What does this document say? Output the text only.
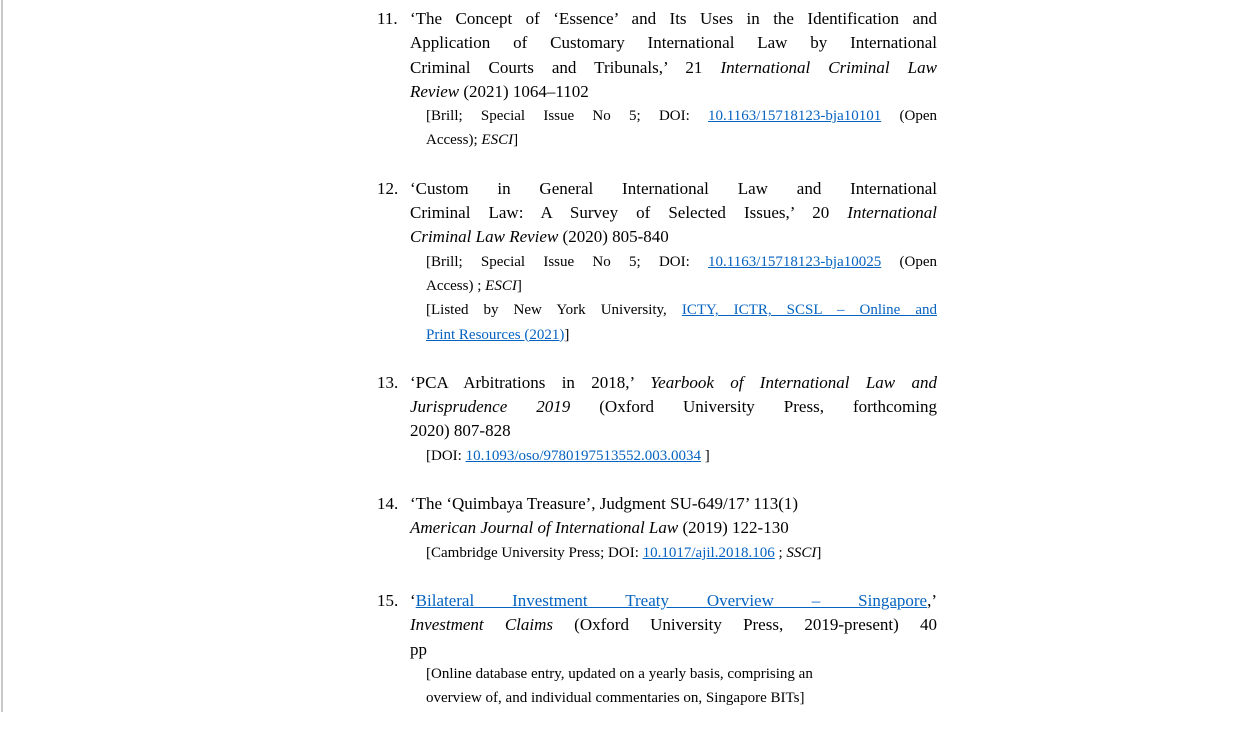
11. ‘The Concept of ‘Essence’ and Its Uses in the Identification and
Application of Customary International Law by International
Criminal Courts and Tribunals,’ 21 International Criminal Law
Review (2021) 1064–1102
[Brill; Special Issue No 5; DOI: 10.1163/15718123-bja10101 (Open
Access); ESCI]
12. ‘Custom in General International Law and International
Criminal Law: A Survey of Selected Issues,’ 20 International
Criminal Law Review (2020) 805-840
[Brill; Special Issue No 5; DOI: 10.1163/15718123-bja10025 (Open
Access) ; ESCI]
[Listed by New York University, ICTY, ICTR, SCSL – Online and
Print Resources (2021)]
13. ‘PCA Arbitrations in 2018,’ Yearbook of International Law and
Jurisprudence 2019 (Oxford University Press, forthcoming
2020) 807-828
[DOI: 10.1093/oso/9780197513552.003.0034 ]
14. ‘The ‘Quimbaya Treasure’, Judgment SU-649/17’ 113(1)
American Journal of International Law (2019) 122-130
[Cambridge University Press; DOI: 10.1017/ajil.2018.106 ; SSCI]
15. ‘Bilateral Investment Treaty Overview – Singapore,’
Investment Claims (Oxford University Press, 2019-present) 40
pp
[Online database entry, updated on a yearly basis, comprising an
overview of, and individual commentaries on, Singapore BITs]
